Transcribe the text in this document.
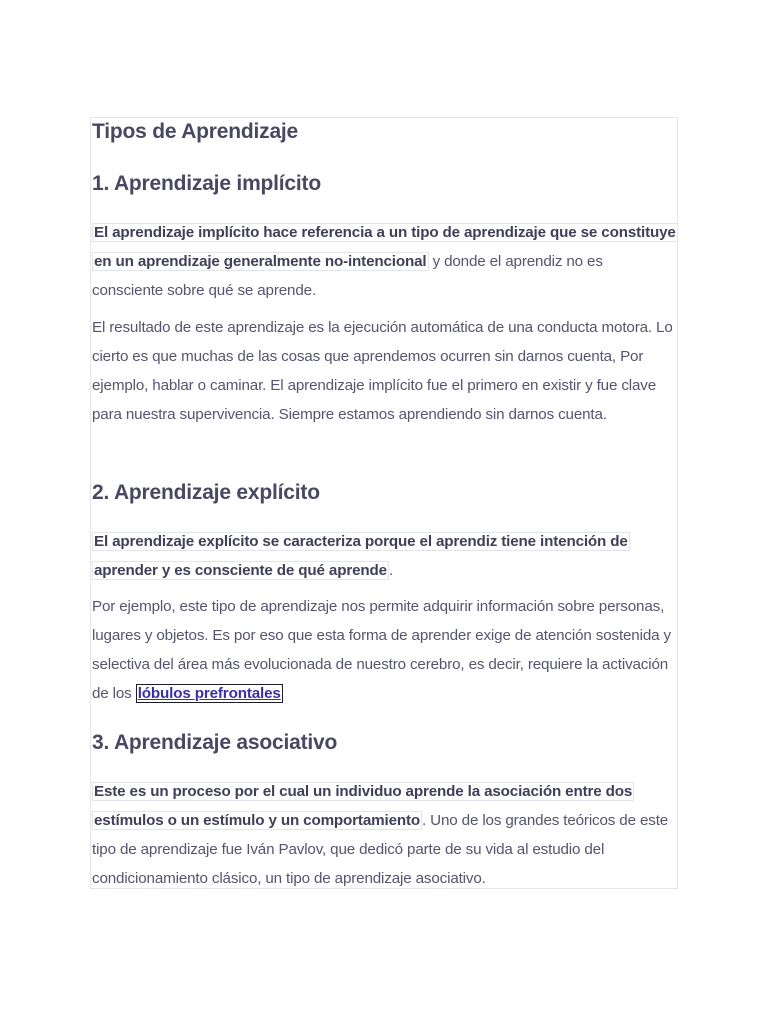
Tipos de Aprendizaje
1. Aprendizaje implícito

El aprendizaje implícito hace referencia a un tipo de aprendizaje que se constituye en un aprendizaje generalmente no-intencional y donde el aprendiz no es consciente sobre qué se aprende.

El resultado de este aprendizaje es la ejecución automática de una conducta motora. Lo cierto es que muchas de las cosas que aprendemos ocurren sin darnos cuenta, Por ejemplo, hablar o caminar. El aprendizaje implícito fue el primero en existir y fue clave para nuestra supervivencia. Siempre estamos aprendiendo sin darnos cuenta.

2. Aprendizaje explícito

El aprendizaje explícito se caracteriza porque el aprendiz tiene intención de aprender y es consciente de qué aprende .

Por ejemplo, este tipo de aprendizaje nos permite adquirir información sobre personas, lugares y objetos. Es por eso que esta forma de aprender exige de atención sostenida y selectiva del área más evolucionada de nuestro cerebro, es decir, requiere la activación de los lóbulos prefrontales

3. Aprendizaje asociativo

Este es un proceso por el cual un individuo aprende la asociación entre dos estímulos o un estímulo y un comportamiento . Uno de los grandes teóricos de este tipo de aprendizaje fue Iván Pavlov, que dedicó parte de su vida al estudio del condicionamiento clásico, un tipo de aprendizaje asociativo.
